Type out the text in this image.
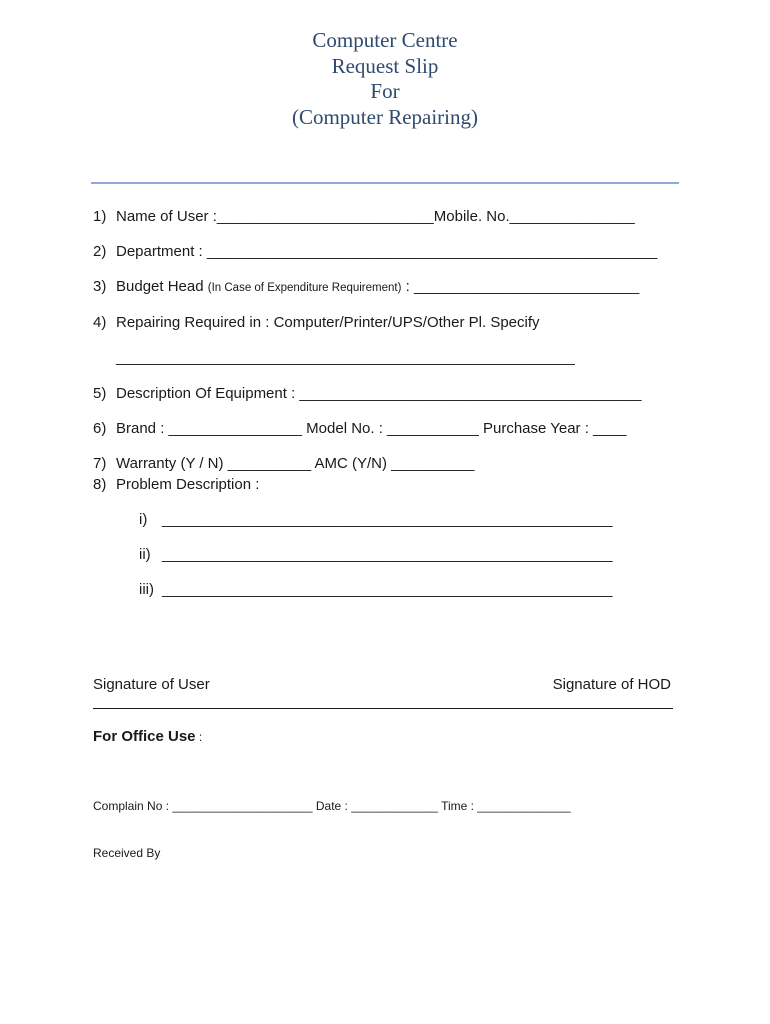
Computer Centre
Request Slip
For
(Computer Repairing)
1) Name of User :__________________________Mobile. No._______________
2) Department : ______________________________________________________
3) Budget Head (In Case of Expenditure Requirement) : ___________________________
4) Repairing Required in : Computer/Printer/UPS/Other Pl. Specify
_______________________________________________________
5) Description Of Equipment : _________________________________________
6) Brand : ________________ Model No. : ___________ Purchase Year : ____
7) Warranty (Y / N) __________ AMC (Y/N) __________
8) Problem Description :
i) ______________________________________________________
ii) ______________________________________________________
iii) ______________________________________________________
Signature of User	Signature of HOD
For Office Use :
Complain No : _____________________ Date : _____________ Time : ______________
Received By
